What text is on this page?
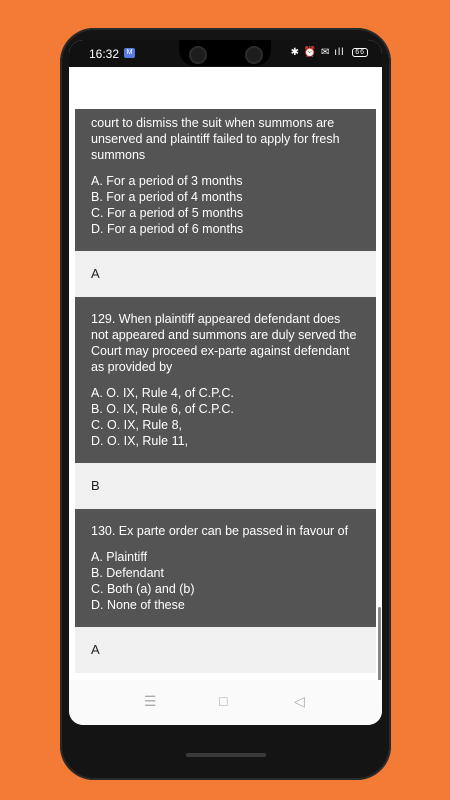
16:32	M	✱ ⏰ ✉ ıll 66
court to dismiss the suit when summons are unserved and plaintiff failed to apply for fresh summons
A. For a period of 3 months
B. For a period of 4 months
C. For a period of 5 months
D. For a period of 6 months
A
129. When plaintiff appeared defendant does not appeared and summons are duly served the Court may proceed ex-parte against defendant as provided by
A. O. IX, Rule 4, of C.P.C.
B. O. IX, Rule 6, of C.P.C.
C. O. IX, Rule 8,
D. O. IX, Rule 11,
B
130. Ex parte order can be passed in favour of
A. Plaintiff
B. Defendant
C. Both (a) and (b)
D. None of these
A
☰	□	◁
